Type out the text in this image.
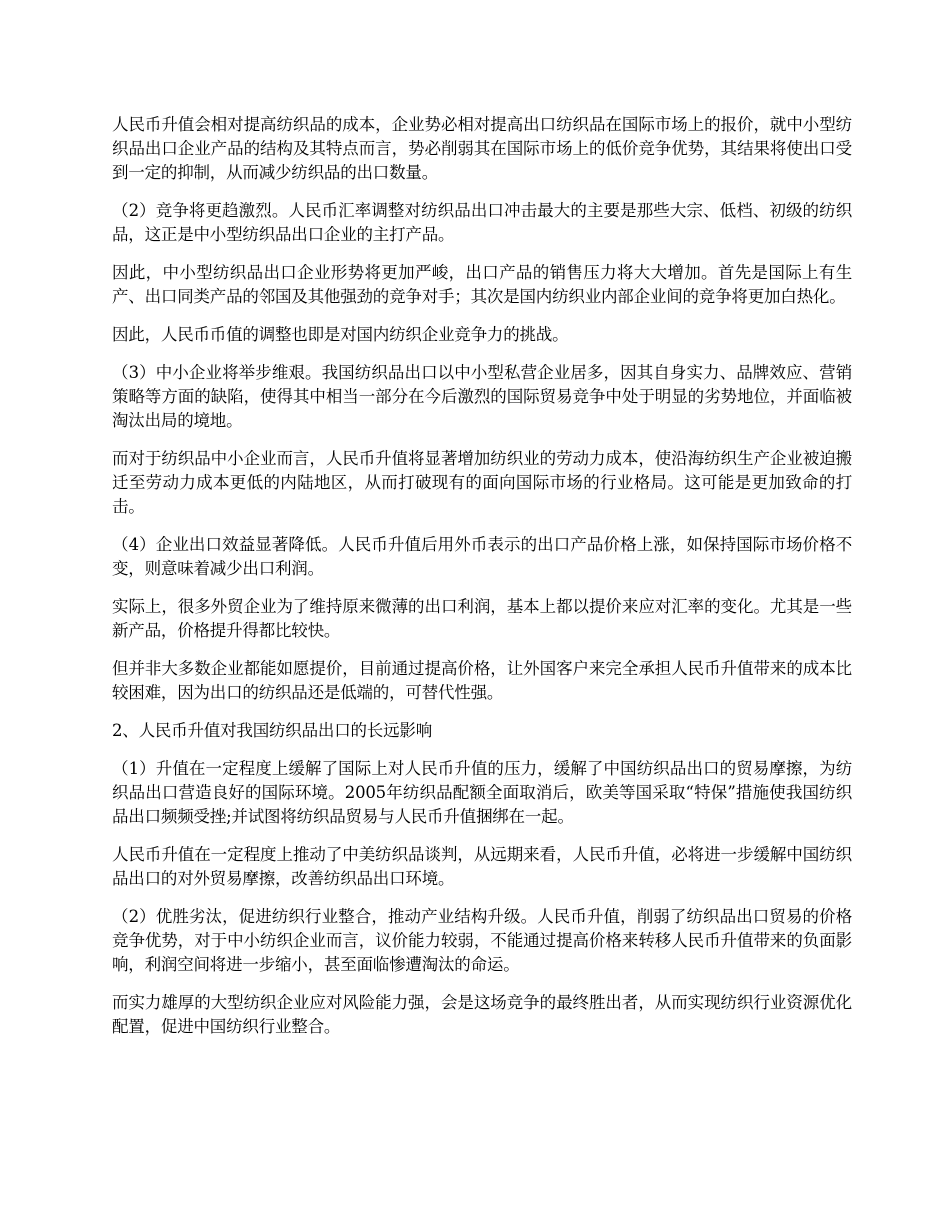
人民币升值会相对提高纺织品的成本，企业势必相对提高出口纺织品在国际市场上的报价，就中小型纺织品出口企业产品的结构及其特点而言，势必削弱其在国际市场上的低价竞争优势，其结果将使出口受到一定的抑制，从而减少纺织品的出口数量。

（2）竞争将更趋激烈。人民币汇率调整对纺织品出口冲击最大的主要是那些大宗、低档、初级的纺织品，这正是中小型纺织品出口企业的主打产品。

因此，中小型纺织品出口企业形势将更加严峻，出口产品的销售压力将大大增加。首先是国际上有生产、出口同类产品的邻国及其他强劲的竞争对手；其次是国内纺织业内部企业间的竞争将更加白热化。

因此，人民币币值的调整也即是对国内纺织企业竞争力的挑战。

（3）中小企业将举步维艰。我国纺织品出口以中小型私营企业居多，因其自身实力、品牌效应、营销策略等方面的缺陷，使得其中相当一部分在今后激烈的国际贸易竞争中处于明显的劣势地位，并面临被淘汰出局的境地。

而对于纺织品中小企业而言，人民币升值将显著增加纺织业的劳动力成本，使沿海纺织生产企业被迫搬迁至劳动力成本更低的内陆地区，从而打破现有的面向国际市场的行业格局。这可能是更加致命的打击。

（4）企业出口效益显著降低。人民币升值后用外币表示的出口产品价格上涨，如保持国际市场价格不变，则意味着减少出口利润。

实际上，很多外贸企业为了维持原来微薄的出口利润，基本上都以提价来应对汇率的变化。尤其是一些新产品，价格提升得都比较快。

但并非大多数企业都能如愿提价，目前通过提高价格，让外国客户来完全承担人民币升值带来的成本比较困难，因为出口的纺织品还是低端的，可替代性强。

2、人民币升值对我国纺织品出口的长远影响

（1）升值在一定程度上缓解了国际上对人民币升值的压力，缓解了中国纺织品出口的贸易摩擦，为纺织品出口营造良好的国际环境。2005年纺织品配额全面取消后，欧美等国采取“特保”措施使我国纺织品出口频频受挫;并试图将纺织品贸易与人民币升值捆绑在一起。

人民币升值在一定程度上推动了中美纺织品谈判，从远期来看，人民币升值，必将进一步缓解中国纺织品出口的对外贸易摩擦，改善纺织品出口环境。

（2）优胜劣汰，促进纺织行业整合，推动产业结构升级。人民币升值，削弱了纺织品出口贸易的价格竞争优势，对于中小纺织企业而言，议价能力较弱，不能通过提高价格来转移人民币升值带来的负面影响，利润空间将进一步缩小，甚至面临惨遭淘汰的命运。

而实力雄厚的大型纺织企业应对风险能力强，会是这场竞争的最终胜出者，从而实现纺织行业资源优化配置，促进中国纺织行业整合。
